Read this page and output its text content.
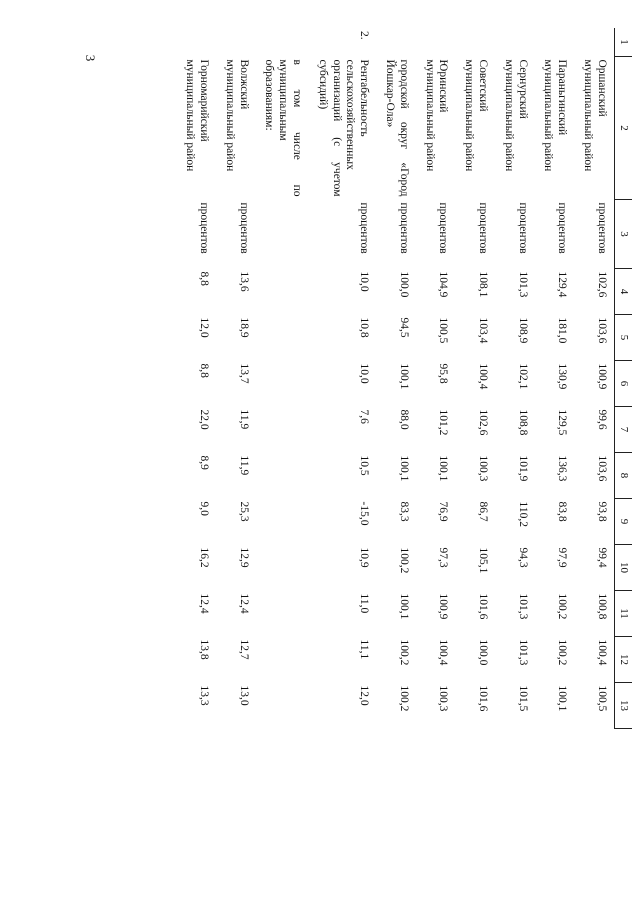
3
1	2	3	4	5	6	7	8	9	10	11	12	13

	Оршанский
муниципальный район	процентов	102,6	103,6	100,9	99,6	103,6	93,8	99,4	100,8	100,4	100,5

	Параньгинский
муниципальный район	процентов	129,4	181,0	130,9	129,5	136,3	83,8	97,9	100,2	100,2	100,1

	Сернурский
муниципальный район	процентов	101,3	108,9	102,1	108,8	101,9	110,2	94,3	101,3	101,3	101,5

	Советский
муниципальный район	процентов	108,1	103,4	100,4	102,6	100,3	86,7	105,1	101,6	100,0	101,6

	Юринский
муниципальный район	процентов	104,9	100,5	95,8	101,2	100,1	76,9	97,3	100,9	100,4	100,3

	городской округ «Город
Йошкар-Ола»	процентов	100,0	94,5	100,1	88,0	100,1	83,3	100,2	100,1	100,2	100,2
2.	Рентабельность
сельскохозяйственных
организаций (с учетом
субсидий)	процентов	10,0	10,8	10,0	7,6	10,5	-15,0	10,9	11,0	11,1	12,0

	в том числе по муниципальным
образованиям:											

	Волжский
муниципальный район	процентов	13,6	18,9	13,7	11,9	11,9	25,3	12,9	12,4	12,7	13,0

	Горномарийский
муниципальный район	процентов	8,8	12,0	8,8	22,0	8,9	9,0	16,2	12,4	13,8	13,3
